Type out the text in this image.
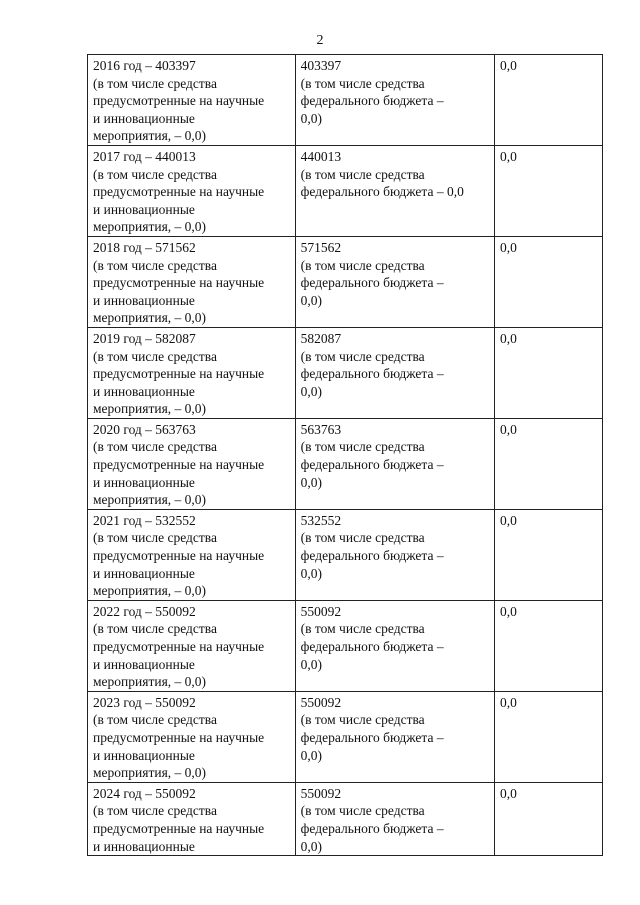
2
2016 год – 403397
(в том числе средства
предусмотренные на научные
и инновационные
мероприятия, – 0,0)	403397
(в том числе средства
федерального бюджета –
0,0)	0,0

2017 год – 440013
(в том числе средства
предусмотренные на научные
и инновационные
мероприятия, – 0,0)	440013
(в том числе средства
федерального бюджета – 0,0	0,0

2018 год – 571562
(в том числе средства
предусмотренные на научные
и инновационные
мероприятия, – 0,0)	571562
(в том числе средства
федерального бюджета –
0,0)	0,0

2019 год – 582087
(в том числе средства
предусмотренные на научные
и инновационные
мероприятия, – 0,0)	582087
(в том числе средства
федерального бюджета –
0,0)	0,0

2020 год – 563763
(в том числе средства
предусмотренные на научные
и инновационные
мероприятия, – 0,0)	563763
(в том числе средства
федерального бюджета –
0,0)	0,0

2021 год – 532552
(в том числе средства
предусмотренные на научные
и инновационные
мероприятия, – 0,0)	532552
(в том числе средства
федерального бюджета –
0,0)	0,0

2022 год – 550092
(в том числе средства
предусмотренные на научные
и инновационные
мероприятия, – 0,0)	550092
(в том числе средства
федерального бюджета –
0,0)	0,0

2023 год – 550092
(в том числе средства
предусмотренные на научные
и инновационные
мероприятия, – 0,0)	550092
(в том числе средства
федерального бюджета –
0,0)	0,0

2024 год – 550092
(в том числе средства
предусмотренные на научные
и инновационные	550092
(в том числе средства
федерального бюджета –
0,0)	0,0
